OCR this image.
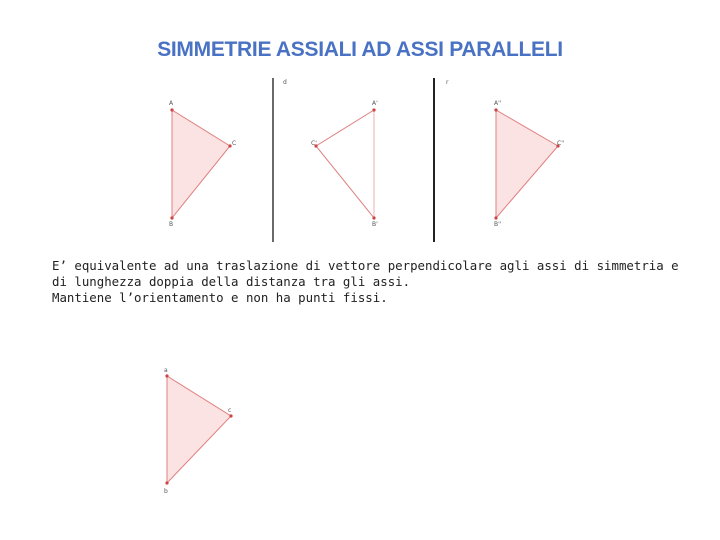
SIMMETRIE ASSIALI AD ASSI PARALLELI
d	r
A
B
C
A'
B'
C'
A''
B''
C''
a
b
c

E’ equivalente ad una traslazione di vettore perpendicolare agli assi di simmetria e di lunghezza doppia della distanza tra gli assi.

Mantiene l’orientamento e non ha punti fissi.
